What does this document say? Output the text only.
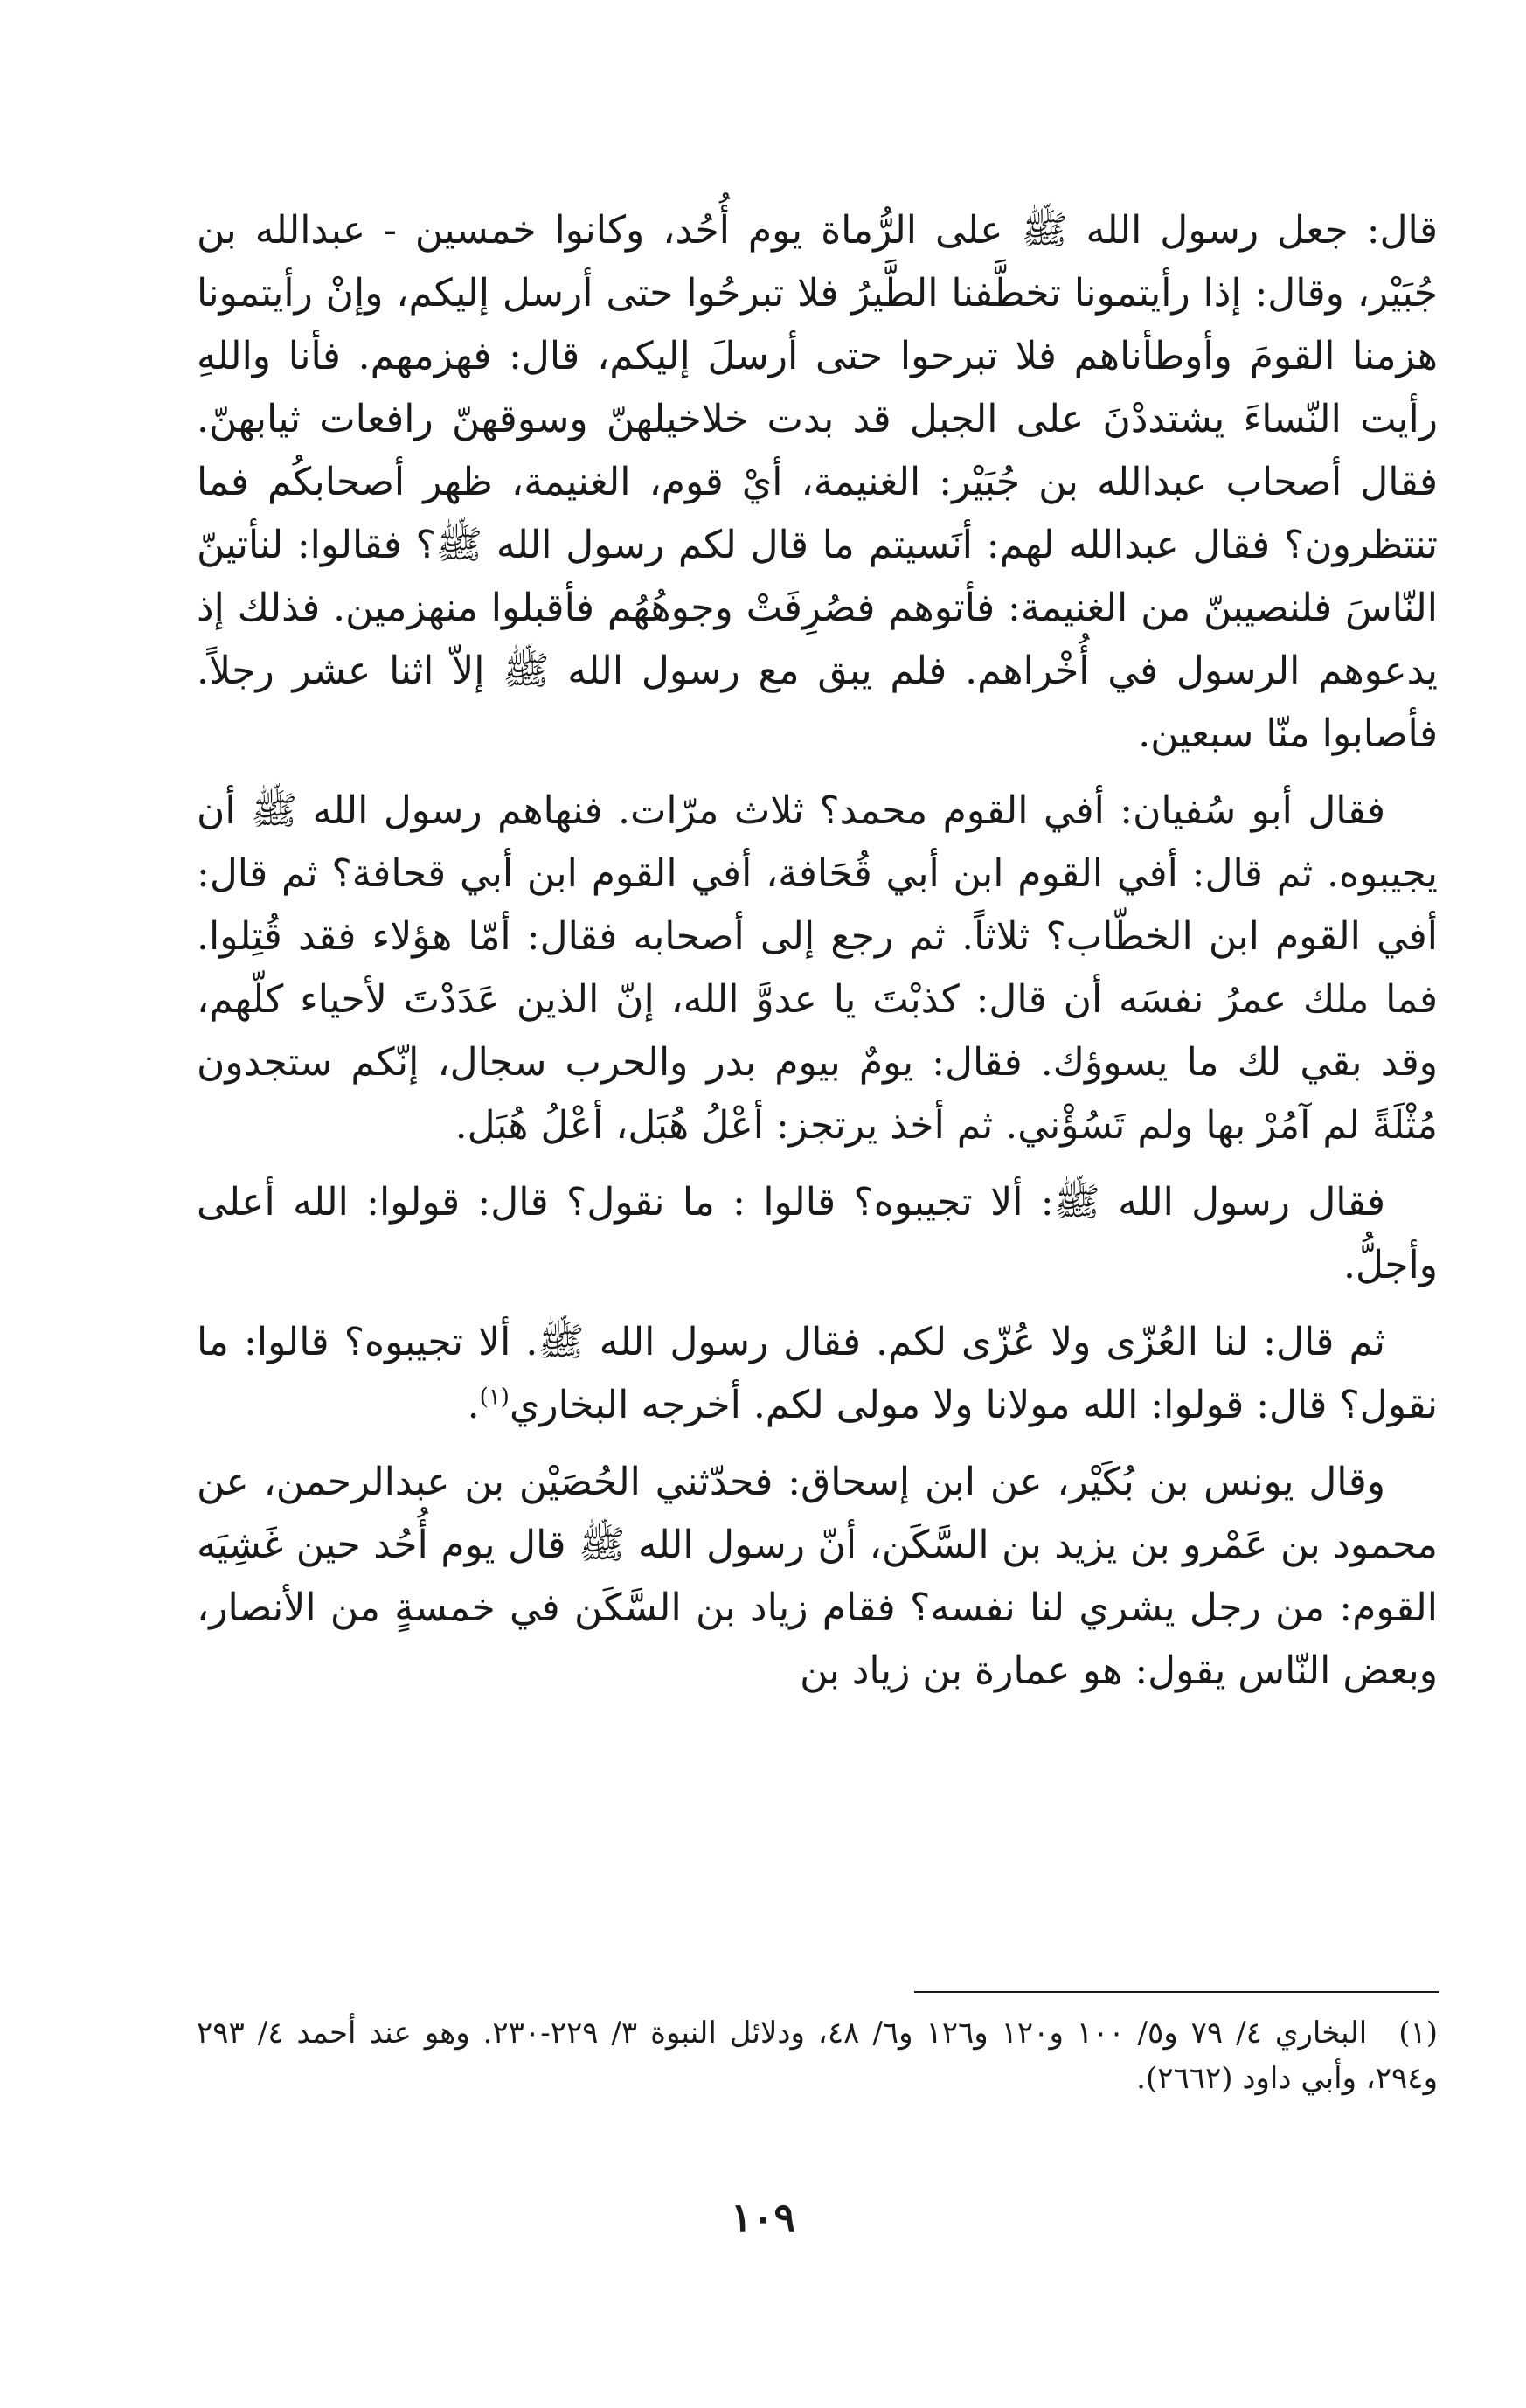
قال: جعل رسول الله ﷺ على الرُّماة يوم أُحُد، وكانوا خمسين - عبدالله بن جُبَيْر، وقال: إذا رأيتمونا تخطَّفنا الطَّيرُ فلا تبرحُوا حتى أرسل إليكم، وإنْ رأيتمونا هزمنا القومَ وأوطأناهم فلا تبرحوا حتى أرسلَ إليكم، قال: فهزمهم. فأنا واللهِ رأيت النّساءَ يشتددْنَ على الجبل قد بدت خلاخيلهنّ وسوقهنّ رافعات ثيابهنّ. فقال أصحاب عبدالله بن جُبَيْر: الغنيمة، أيْ قوم، الغنيمة، ظهر أصحابكُم فما تنتظرون؟ فقال عبدالله لهم: أنَسيتم ما قال لكم رسول الله ﷺ؟ فقالوا: لنأتينّ النّاسَ فلنصيبنّ من الغنيمة: فأتوهم فصُرِفَتْ وجوهُهُم فأقبلوا منهزمين. فذلك إذ يدعوهم الرسول في أُخْراهم. فلم يبق مع رسول الله ﷺ إلاّ اثنا عشر رجلاً. فأصابوا منّا سبعين.

فقال أبو سُفيان: أفي القوم محمد؟ ثلاث مرّات. فنهاهم رسول الله ﷺ أن يجيبوه. ثم قال: أفي القوم ابن أبي قُحَافة، أفي القوم ابن أبي قحافة؟ ثم قال: أفي القوم ابن الخطّاب؟ ثلاثاً. ثم رجع إلى أصحابه فقال: أمّا هؤلاء فقد قُتِلوا. فما ملك عمرُ نفسَه أن قال: كذبْتَ يا عدوَّ الله، إنّ الذين عَدَدْتَ لأحياء كلّهم، وقد بقي لك ما يسوؤك. فقال: يومٌ بيوم بدر والحرب سجال، إنّكم ستجدون مُثْلَةً لم آمُرْ بها ولم تَسُؤْني. ثم أخذ يرتجز: أعْلُ هُبَل، أعْلُ هُبَل.

فقال رسول الله ﷺ: ألا تجيبوه؟ قالوا : ما نقول؟ قال: قولوا: الله أعلى وأجلُّ.

ثم قال: لنا العُزّى ولا عُزّى لكم. فقال رسول الله ﷺ. ألا تجيبوه؟ قالوا: ما نقول؟ قال: قولوا: الله مولانا ولا مولى لكم. أخرجه البخاري$^{(١)}$.

وقال يونس بن بُكَيْر، عن ابن إسحاق: فحدّثني الحُصَيْن بن عبدالرحمن، عن محمود بن عَمْرو بن يزيد بن السَّكَن، أنّ رسول الله ﷺ قال يوم أُحُد حين غَشِيَه القوم: من رجل يشري لنا نفسه؟ فقام زياد بن السَّكَن في خمسةٍ من الأنصار، وبعض النّاس يقول: هو عمارة بن زياد بن

(١)البخاري ٤/ ٧٩ و٥/ ١٠٠ و١٢٠ و١٢٦ و٦/ ٤٨، ودلائل النبوة ٣/ ٢٢٩-٢٣٠. وهو عند أحمد ٤/ ٢٩٣ و٢٩٤، وأبي داود (٢٦٦٢).
١٠٩
